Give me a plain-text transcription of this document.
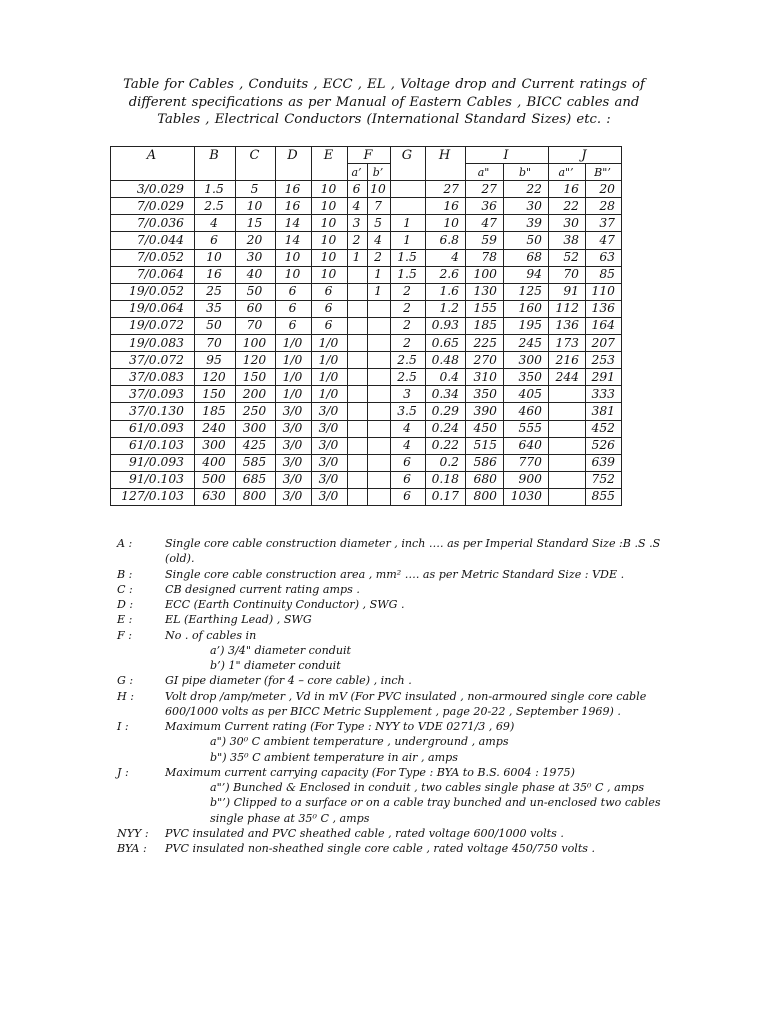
Table for Cables , Conduits , ECC , EL , Voltage drop and Current ratings of
different specifications as per Manual of Eastern Cables , BICC cables and
Tables , Electrical Conductors (International Standard Sizes) etc. :
A	B	C	D	E	F		G	H	I		J	
					a’	b’			a"	b"	a"’	B"’
3/0.029	1.5	5	16	10	6	10		27	27	22	16	20
7/0.029	2.5	10	16	10	4	7		16	36	30	22	28
7/0.036	4	15	14	10	3	5	1	10	47	39	30	37
7/0.044	6	20	14	10	2	4	1	6.8	59	50	38	47
7/0.052	10	30	10	10	1	2	1.5	4	78	68	52	63
7/0.064	16	40	10	10		1	1.5	2.6	100	94	70	85
19/0.052	25	50	6	6		1	2	1.6	130	125	91	110
19/0.064	35	60	6	6			2	1.2	155	160	112	136
19/0.072	50	70	6	6			2	0.93	185	195	136	164
19/0.083	70	100	1/0	1/0			2	0.65	225	245	173	207
37/0.072	95	120	1/0	1/0			2.5	0.48	270	300	216	253
37/0.083	120	150	1/0	1/0			2.5	0.4	310	350	244	291
37/0.093	150	200	1/0	1/0			3	0.34	350	405		333
37/0.130	185	250	3/0	3/0			3.5	0.29	390	460		381
61/0.093	240	300	3/0	3/0			4	0.24	450	555		452
61/0.103	300	425	3/0	3/0			4	0.22	515	640		526
91/0.093	400	585	3/0	3/0			6	0.2	586	770		639
91/0.103	500	685	3/0	3/0			6	0.18	680	900		752
127/0.103	630	800	3/0	3/0			6	0.17	800	1030		855
A :	Single core cable construction diameter , inch …. as per Imperial Standard Size :B .S .S
(old).
B :	Single core cable construction area , mm² …. as per Metric Standard Size : VDE .
C :	CB designed current rating amps .
D :	ECC (Earth Continuity Conductor) , SWG .
E :	EL (Earthing Lead) , SWG
F :	No . of cables in
a’) 3/4" diameter conduit
b’) 1" diameter conduit
G :	GI pipe diameter (for 4 – core cable) , inch .
H :	Volt drop /amp/meter , Vd in mV (For PVC insulated , non-armoured single core cable
600/1000 volts as per BICC Metric Supplement , page 20-22 , September 1969) .
I :	Maximum Current rating (For Type : NYY to VDE 0271/3 , 69)
a") 30⁰ C ambient temperature , underground , amps
b") 35⁰ C ambient temperature in air , amps
J :	Maximum current carrying capacity (For Type : BYA to B.S. 6004 : 1975)
a"’) Bunched & Enclosed in conduit , two cables single phase at 35⁰ C , amps
b"’) Clipped to a surface or on a cable tray bunched and un-enclosed two cables
single phase at 35⁰ C , amps
NYY :	PVC insulated and PVC sheathed cable , rated voltage 600/1000 volts .
BYA :	PVC insulated non-sheathed single core cable , rated voltage 450/750 volts .
